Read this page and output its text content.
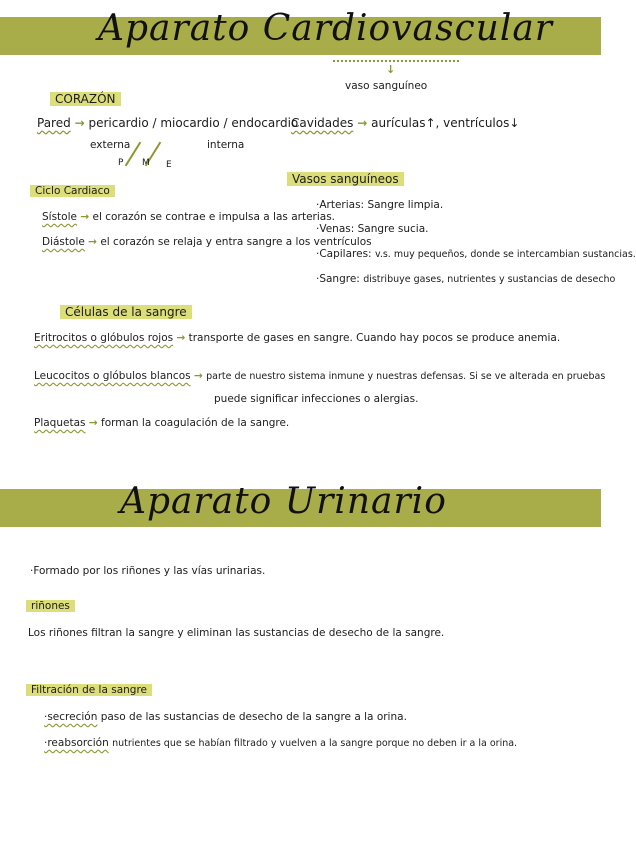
Aparato Cardiovascular
↓
vaso sanguíneo
CORAZÓN
Pared → pericardio / miocardio / endocardio
externa	interna
P M E
Cavidades → aurículas↑, ventrículos↓
Vasos sanguíneos
Ciclo Cardiaco
Sístole → el corazón se contrae e impulsa a las arterias.
Diástole → el corazón se relaja y entra sangre a los ventrículos
·Arterias: Sangre limpia.
·Venas: Sangre sucia.
·Capilares: v.s. muy pequeños, donde se intercambian sustancias.
·Sangre: distribuye gases, nutrientes y sustancias de desecho
Células de la sangre
Eritrocitos o glóbulos rojos → transporte de gases en sangre. Cuando hay pocos se produce anemia.
Leucocitos o glóbulos blancos → parte de nuestro sistema inmune y nuestras defensas. Si se ve alterada en pruebas
puede significar infecciones o alergias.
Plaquetas → forman la coagulación de la sangre.
Aparato Urinario
·Formado por los riñones y las vías urinarias.
riñones
Los riñones filtran la sangre y eliminan las sustancias de desecho de la sangre.
Filtración de la sangre
·secreción paso de las sustancias de desecho de la sangre a la orina.
·reabsorción nutrientes que se habían filtrado y vuelven a la sangre porque no deben ir a la orina.
